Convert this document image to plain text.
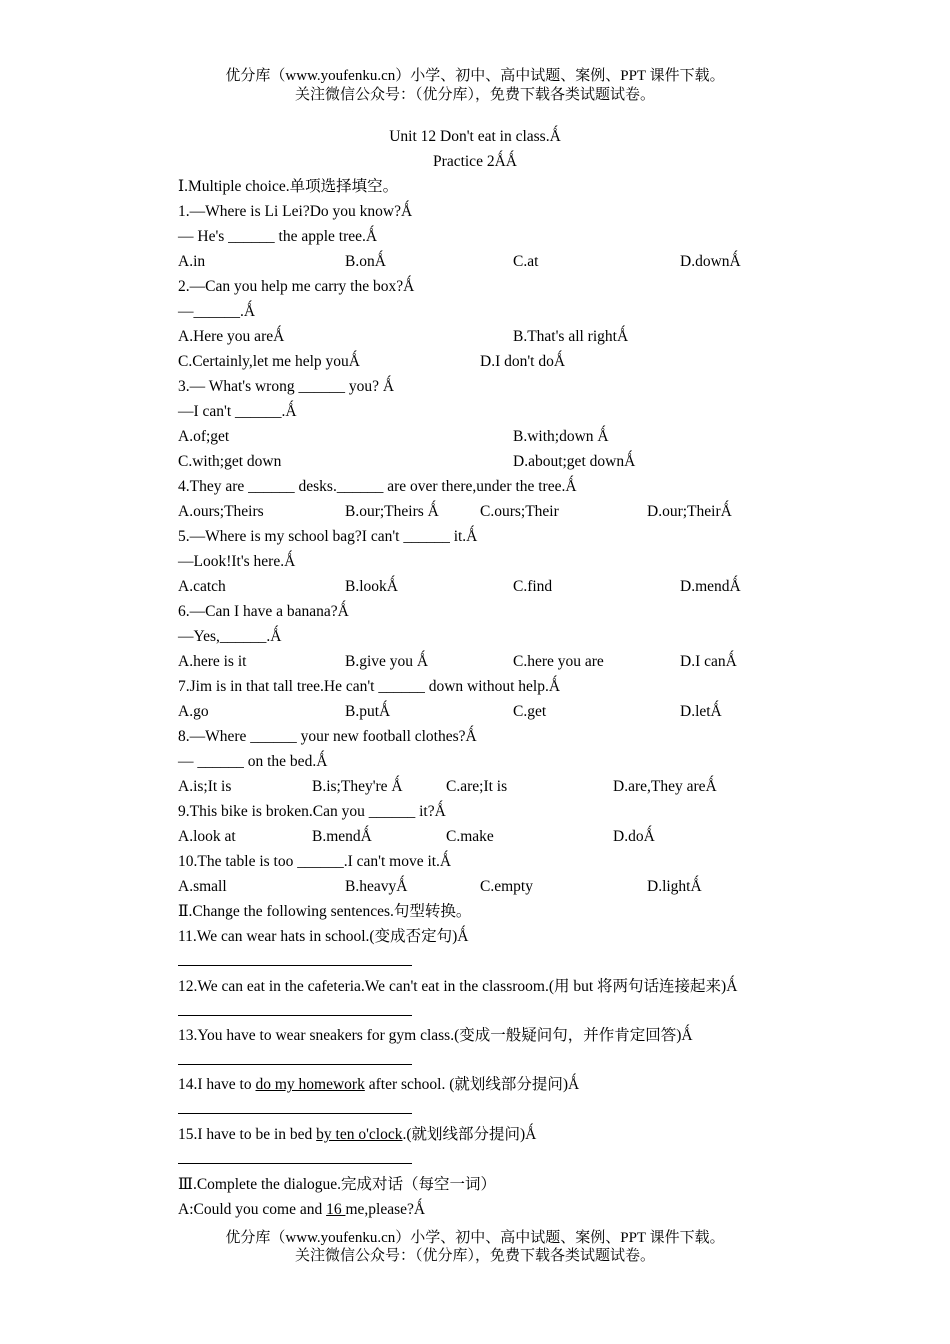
优分库（www.youfenku.cn）小学、初中、高中试题、案例、PPT 课件下载。
关注微信公众号：（优分库），免费下载各类试题试卷。
Unit 12 Don't eat in class.Ǻ
Practice 2ǺǺ
Ⅰ.Multiple choice.单项选择填空。
1.—Where is Li Lei?Do you know?Ǻ
— He's ______ the apple tree.Ǻ
A.in	B.onǺ	C.at	D.downǺ
2.—Can you help me carry the box?Ǻ
—______.Ǻ
A.Here you areǺ	B.That's all rightǺ
C.Certainly,let me help youǺ	D.I don't doǺ
3.— What's wrong ______ you? Ǻ
—I can't ______.Ǻ
A.of;get	B.with;down Ǻ
C.with;get down	D.about;get downǺ
4.They are ______ desks.______ are over there,under the tree.Ǻ
A.ours;Theirs	B.our;Theirs Ǻ	C.ours;Their	D.our;TheirǺ
5.—Where is my school bag?I can't ______ it.Ǻ
—Look!It's here.Ǻ
A.catch	B.lookǺ	C.find	D.mendǺ
6.—Can I have a banana?Ǻ
—Yes,______.Ǻ
A.here is it	B.give you Ǻ	C.here you are	D.I canǺ
7.Jim is in that tall tree.He can't ______ down without help.Ǻ
A.go	B.putǺ	C.get	D.letǺ
8.—Where ______ your new football clothes?Ǻ
— ______ on the bed.Ǻ
A.is;It is	B.is;They're Ǻ	C.are;It is	D.are,They areǺ
9.This bike is broken.Can you ______ it?Ǻ
A.look at	B.mendǺ	C.make	D.doǺ
10.The table is too ______.I can't move it.Ǻ
A.small	B.heavyǺ	C.empty	D.lightǺ
Ⅱ.Change the following sentences.句型转换。
11.We can wear hats in school.(变成否定句)Ǻ
12.We can eat in the cafeteria.We can't eat in the classroom.(用 but 将两句话连接起来)Ǻ
13.You have to wear sneakers for gym class.(变成一般疑问句，并作肯定回答)Ǻ
14.I have to do my homework after school. (就划线部分提问)Ǻ
15.I have to be in bed by ten o'clock.(就划线部分提问)Ǻ
Ⅲ.Complete the dialogue.完成对话（每空一词）
A:Could you come and 16 me,please?Ǻ
优分库（www.youfenku.cn）小学、初中、高中试题、案例、PPT 课件下载。
关注微信公众号：（优分库），免费下载各类试题试卷。
